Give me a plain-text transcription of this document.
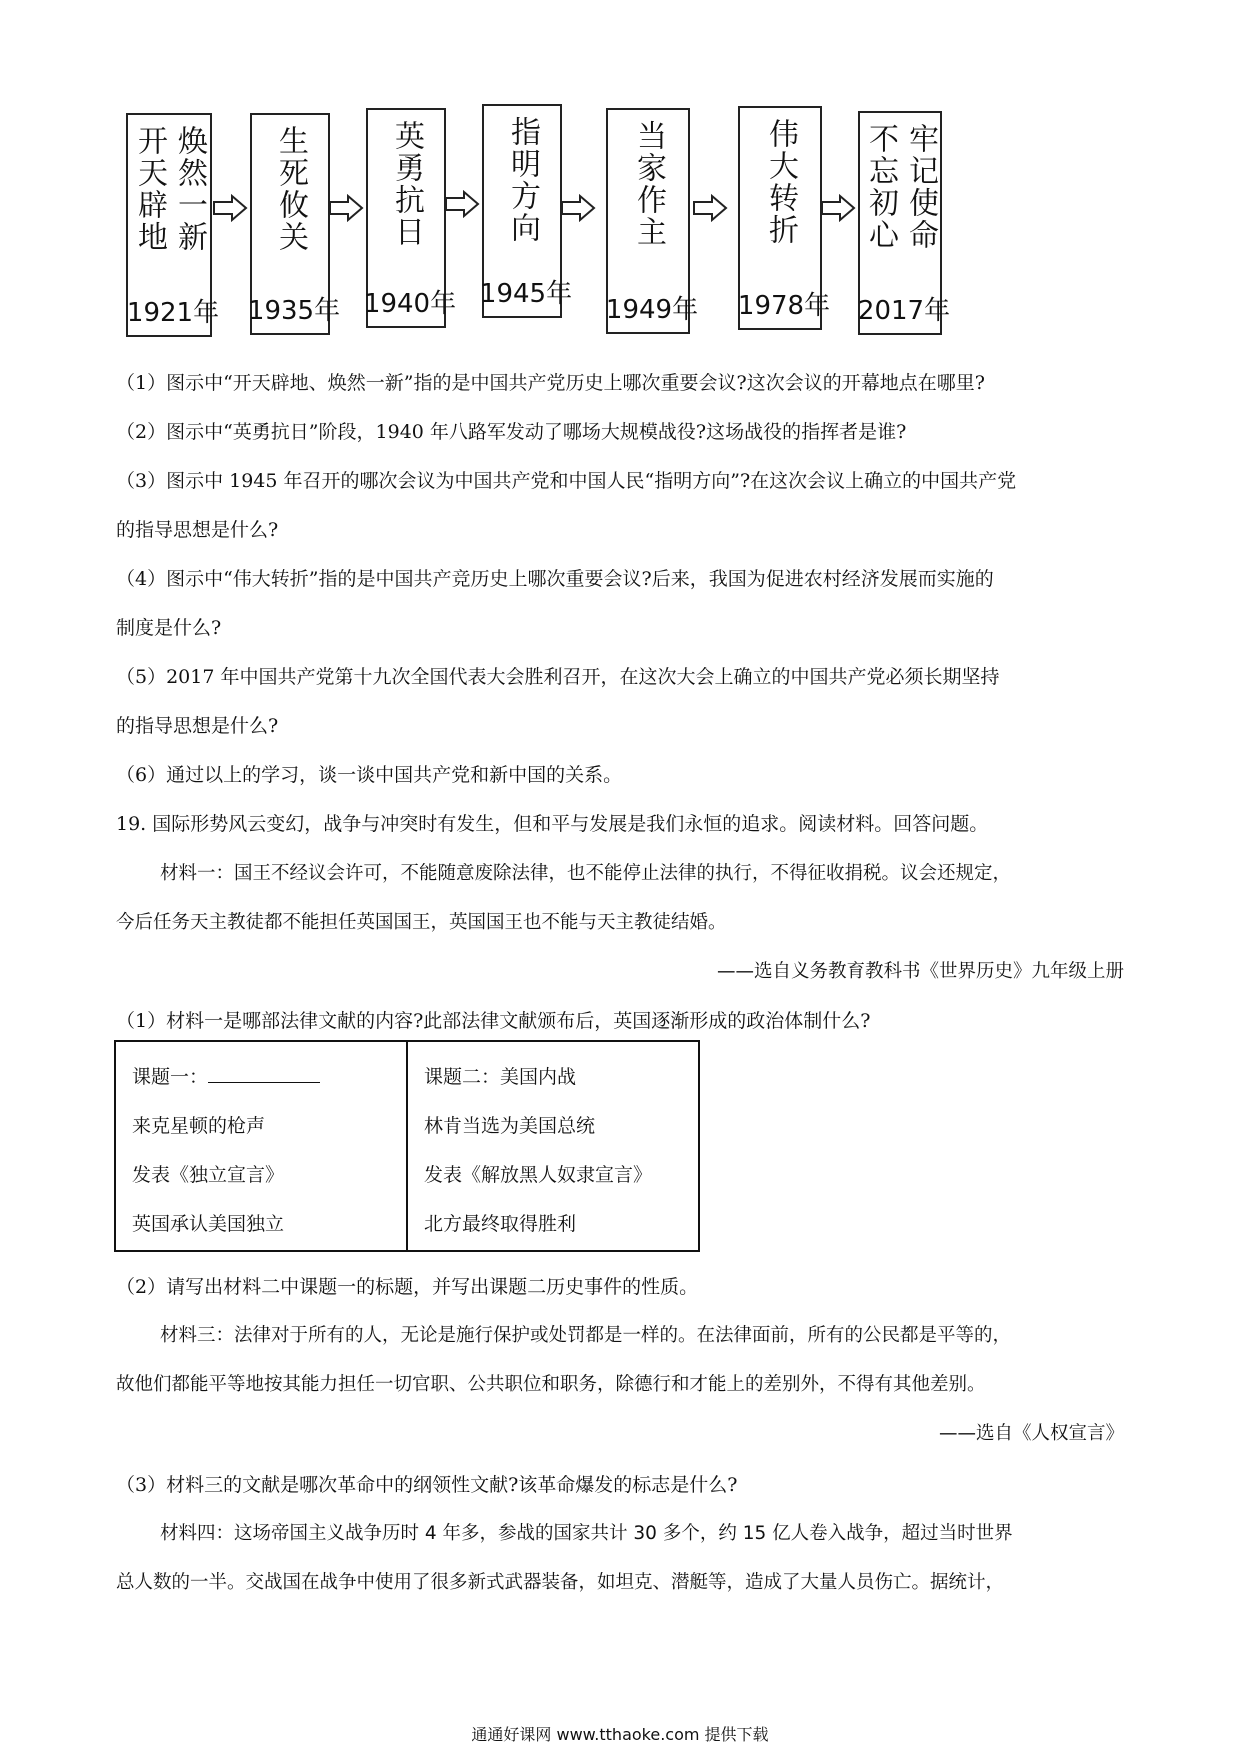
开天辟地 焕然一新
1921年
生死攸关
1935年
英勇抗日
1940年
指明方向
1945年
当家作主
1949年
伟大转折
1978年
不忘初心 牢记使命
2017年
（1）图示中“开天辟地、焕然一新”指的是中国共产党历史上哪次重要会议?这次会议的开幕地点在哪里?
（2）图示中“英勇抗日”阶段，1940 年八路军发动了哪场大规模战役?这场战役的指挥者是谁?
（3）图示中 1945 年召开的哪次会议为中国共产党和中国人民“指明方向”?在这次会议上确立的中国共产党
的指导思想是什么?
（4）图示中“伟大转折”指的是中国共产竞历史上哪次重要会议?后来，我国为促进农村经济发展而实施的
制度是什么?
（5）2017 年中国共产党第十九次全国代表大会胜利召开，在这次大会上确立的中国共产党必须长期坚持
的指导思想是什么?
（6）通过以上的学习，谈一谈中国共产党和新中国的关系。
19. 国际形势风云变幻，战争与冲突时有发生，但和平与发展是我们永恒的追求。阅读材料。回答问题。
材料一：国王不经议会许可，不能随意废除法律，也不能停止法律的执行，不得征收捐税。议会还规定，
今后任务天主教徒都不能担任英国国王，英国国王也不能与天主教徒结婚。
——选自义务教育教科书《世界历史》九年级上册
（1）材料一是哪部法律文献的内容?此部法律文献颁布后，英国逐渐形成的政治体制什么?
课题一：
来克星顿的枪声
发表《独立宣言》
英国承认美国独立
课题二：美国内战
林肯当选为美国总统
发表《解放黑人奴隶宣言》
北方最终取得胜利
（2）请写出材料二中课题一的标题，并写出课题二历史事件的性质。
材料三：法律对于所有的人，无论是施行保护或处罚都是一样的。在法律面前，所有的公民都是平等的，
故他们都能平等地按其能力担任一切官职、公共职位和职务，除德行和才能上的差别外，不得有其他差别。
——选自《人权宣言》
（3）材料三的文献是哪次革命中的纲领性文献?该革命爆发的标志是什么?
材料四：这场帝国主义战争历时 4 年多，参战的国家共计 30 多个，约 15 亿人卷入战争，超过当时世界
总人数的一半。交战国在战争中使用了很多新式武器装备，如坦克、潜艇等，造成了大量人员伤亡。据统计，
通通好课网 www.tthaoke.com 提供下载
